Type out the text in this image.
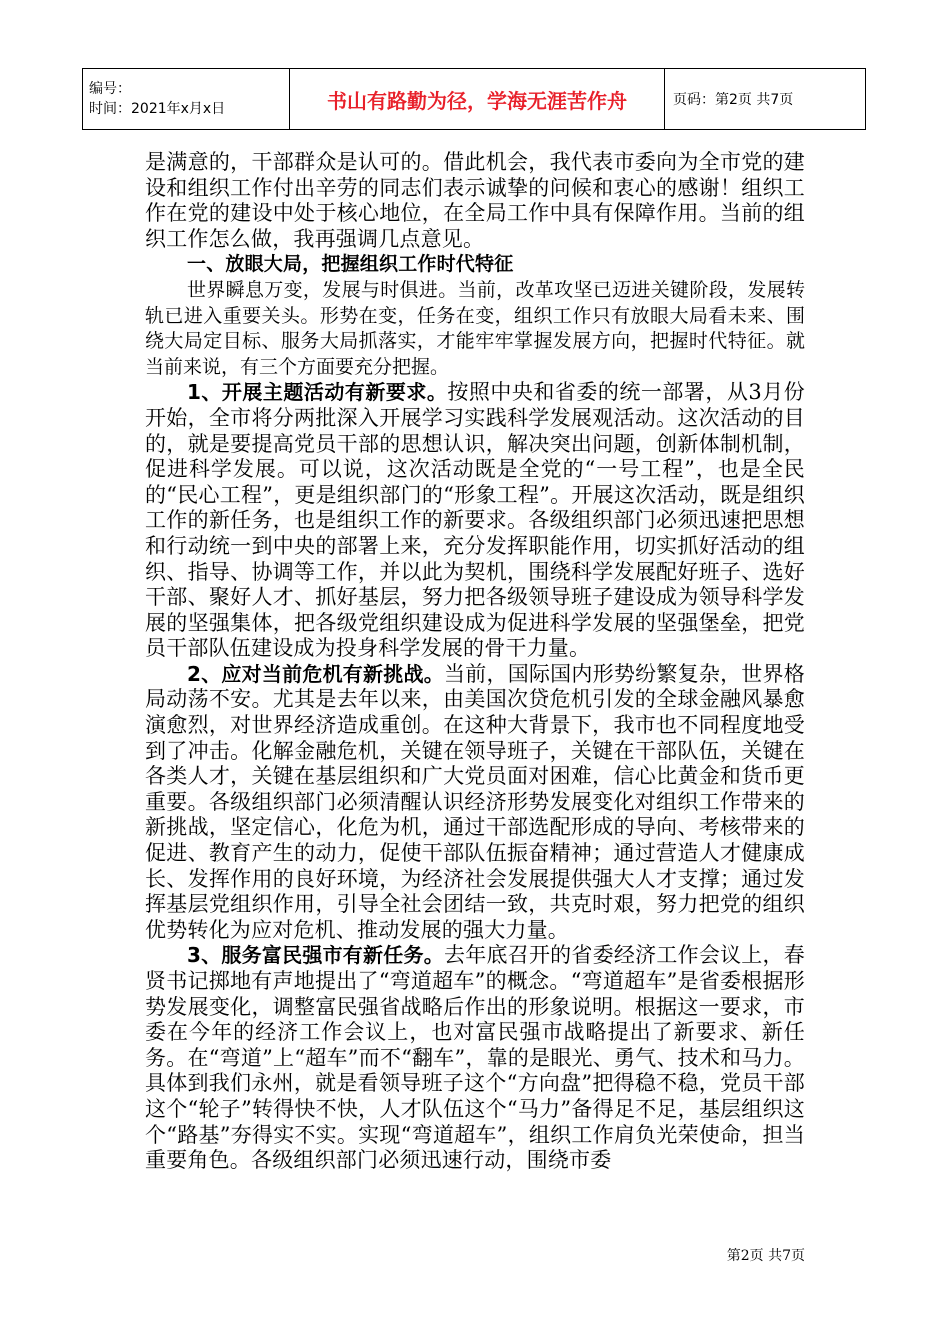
编号：
时间：2021年x月x日	书山有路勤为径，学海无涯苦作舟	页码：第2页 共7页

是满意的，干部群众是认可的。借此机会，我代表市委向为全市党的建设和组织工作付出辛劳的同志们表示诚挚的问候和衷心的感谢！组织工作在党的建设中处于核心地位，在全局工作中具有保障作用。当前的组织工作怎么做，我再强调几点意见。

一、放眼大局，把握组织工作时代特征

世界瞬息万变，发展与时俱进。当前，改革攻坚已迈进关键阶段，发展转轨已进入重要关头。形势在变，任务在变，组织工作只有放眼大局看未来、围绕大局定目标、服务大局抓落实，才能牢牢掌握发展方向，把握时代特征。就当前来说，有三个方面要充分把握。

1、开展主题活动有新要求。按照中央和省委的统一部署，从3月份开始，全市将分两批深入开展学习实践科学发展观活动。这次活动的目的，就是要提高党员干部的思想认识，解决突出问题，创新体制机制，促进科学发展。可以说，这次活动既是全党的“一号工程”，也是全民的“民心工程”，更是组织部门的“形象工程”。开展这次活动，既是组织工作的新任务，也是组织工作的新要求。各级组织部门必须迅速把思想和行动统一到中央的部署上来，充分发挥职能作用，切实抓好活动的组织、指导、协调等工作，并以此为契机，围绕科学发展配好班子、选好干部、聚好人才、抓好基层，努力把各级领导班子建设成为领导科学发展的坚强集体，把各级党组织建设成为促进科学发展的坚强堡垒，把党员干部队伍建设成为投身科学发展的骨干力量。

2、应对当前危机有新挑战。当前，国际国内形势纷繁复杂，世界格局动荡不安。尤其是去年以来，由美国次贷危机引发的全球金融风暴愈演愈烈，对世界经济造成重创。在这种大背景下，我市也不同程度地受到了冲击。化解金融危机，关键在领导班子，关键在干部队伍，关键在各类人才，关键在基层组织和广大党员面对困难，信心比黄金和货币更重要。各级组织部门必须清醒认识经济形势发展变化对组织工作带来的新挑战，坚定信心，化危为机，通过干部选配形成的导向、考核带来的促进、教育产生的动力，促使干部队伍振奋精神；通过营造人才健康成长、发挥作用的良好环境，为经济社会发展提供强大人才支撑；通过发挥基层党组织作用，引导全社会团结一致，共克时艰，努力把党的组织优势转化为应对危机、推动发展的强大力量。

3、服务富民强市有新任务。去年底召开的省委经济工作会议上，春贤书记掷地有声地提出了“弯道超车”的概念。“弯道超车”是省委根据形势发展变化，调整富民强省战略后作出的形象说明。根据这一要求，市委在今年的经济工作会议上，也对富民强市战略提出了新要求、新任务。在“弯道”上“超车”而不“翻车”，靠的是眼光、勇气、技术和马力。具体到我们永州，就是看领导班子这个“方向盘”把得稳不稳，党员干部这个“轮子”转得快不快，人才队伍这个“马力”备得足不足，基层组织这个“路基”夯得实不实。实现“弯道超车”，组织工作肩负光荣使命，担当重要角色。各级组织部门必须迅速行动，围绕市委

第2页 共7页
